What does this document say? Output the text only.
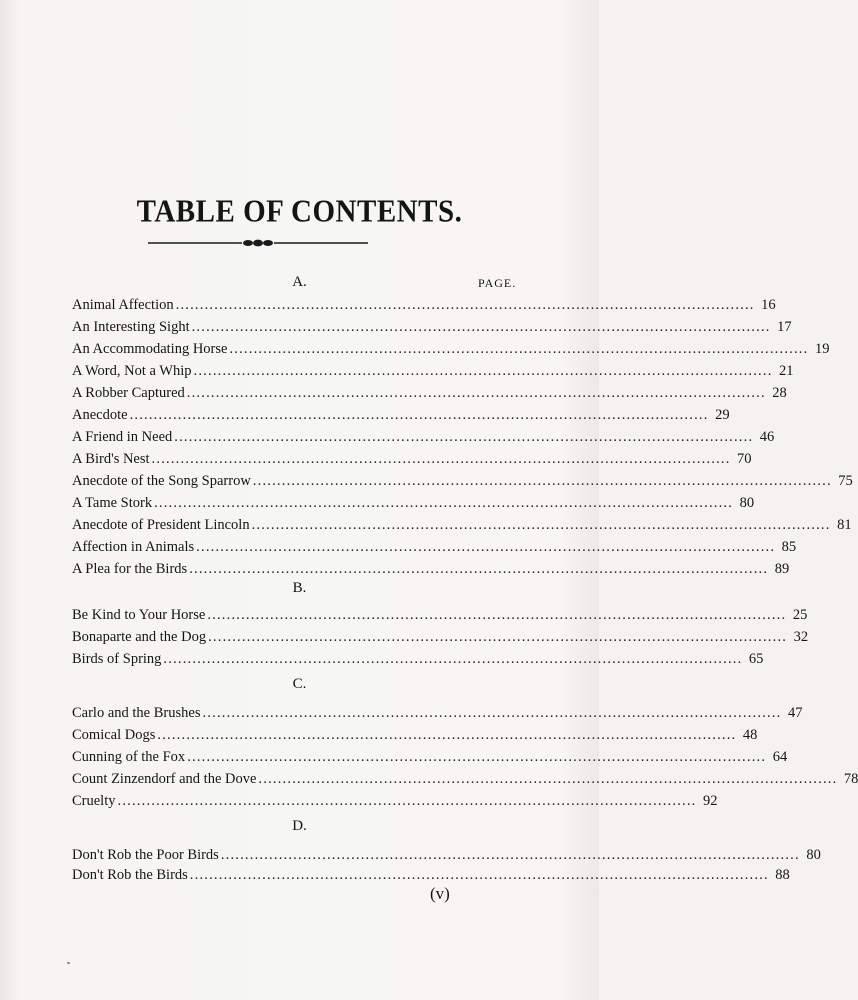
TABLE OF CONTENTS.
PAGE.
A.
Animal Affection ........................................................................................................................ 16
An Interesting Sight ........................................................................................................................ 17
An Accommodating Horse ........................................................................................................................ 19
A Word, Not a Whip ........................................................................................................................ 21
A Robber Captured ........................................................................................................................ 28
Anecdote ........................................................................................................................ 29
A Friend in Need ........................................................................................................................ 46
A Bird's Nest ........................................................................................................................ 70
Anecdote of the Song Sparrow ........................................................................................................................ 75
A Tame Stork ........................................................................................................................ 80
Anecdote of President Lincoln ........................................................................................................................ 81
Affection in Animals ........................................................................................................................ 85
A Plea for the Birds ........................................................................................................................ 89
B.
Be Kind to Your Horse ........................................................................................................................ 25
Bonaparte and the Dog ........................................................................................................................ 32
Birds of Spring ........................................................................................................................ 65
C.
Carlo and the Brushes ........................................................................................................................ 47
Comical Dogs ........................................................................................................................ 48
Cunning of the Fox ........................................................................................................................ 64
Count Zinzendorf and the Dove ........................................................................................................................ 78
Cruelty ........................................................................................................................ 92
D.
Don't Rob the Poor Birds ........................................................................................................................ 80
Don't Rob the Birds ........................................................................................................................ 88
(v)
